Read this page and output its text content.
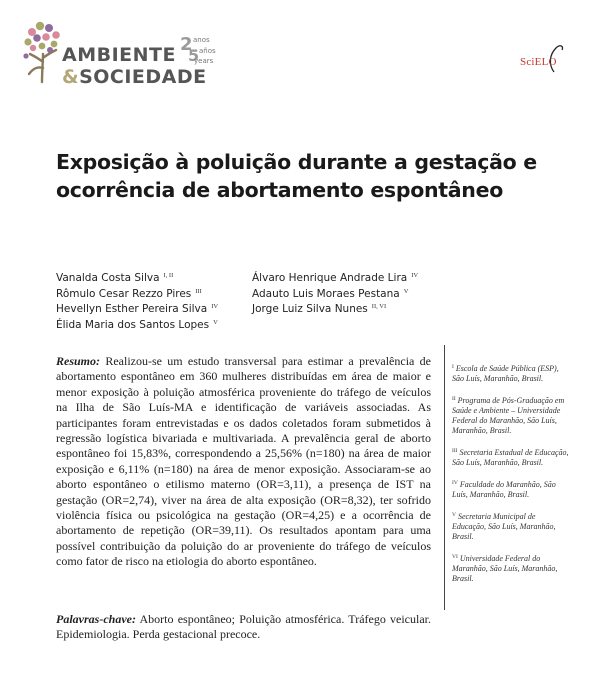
AMBIENTE
&SOCIEDADE
2
5
anos
años
years	SciELO
Exposição à poluição durante a gestação e ocorrência de abortamento espontâneo
Vanalda Costa Silva $^{I, II}$
Rômulo Cesar Rezzo Pires $^{III}$
Hevellyn Esther Pereira Silva $^{IV}$
Élida Maria dos Santos Lopes $^V$
Álvaro Henrique Andrade Lira $^{IV}$
Adauto Luis Moraes Pestana $^V$
Jorge Luiz Silva Nunes $^{II, VI}$

Resumo: Realizou-se um estudo transversal para estimar a prevalência de abortamento espontâneo em 360 mulheres distribuídas em área de maior e menor exposição à poluição atmosférica proveniente do tráfego de veículos na Ilha de São Luís-MA e identificação de variáveis associadas. As participantes foram entrevistadas e os dados coletados foram submetidos à regressão logística bivariada e multivariada. A prevalência geral de aborto espontâneo foi 15,83%, correspondendo a 25,56% (n=180) na área de maior exposição e 6,11% (n=180) na área de menor exposição. Associaram-se ao aborto espontâneo o etilismo materno (OR=3,11), a presença de IST na gestação (OR=2,74), viver na área de alta exposição (OR=8,32), ter sofrido violência física ou psicológica na gestação (OR=4,25) e a ocorrência de abortamento de repetição (OR=39,11). Os resultados apontam para uma possível contribuição da poluição do ar proveniente do tráfego de veículos como fator de risco na etiologia do aborto espontâneo.

Palavras-chave: Aborto espontâneo; Poluição atmosférica. Tráfego veicular. Epidemiologia. Perda gestacional precoce.

$^I$ Escola de Saúde Pública (ESP), São Luís, Maranhão, Brasil.
$^{II}$ Programa de Pós-Graduação em Saúde e Ambiente – Universidade Federal do Maranhão, São Luís, Maranhão, Brasil.
$^{III}$ Secretaria Estadual de Educação, São Luís, Maranhão, Brasil.
$^{IV}$ Faculdade do Maranhão, São Luís, Maranhão, Brasil.
$^V$ Secretaria Municipal de Educação, São Luís, Maranhão, Brasil.
$^{VI}$ Universidade Federal do Maranhão, São Luís, Maranhão, Brasil.
